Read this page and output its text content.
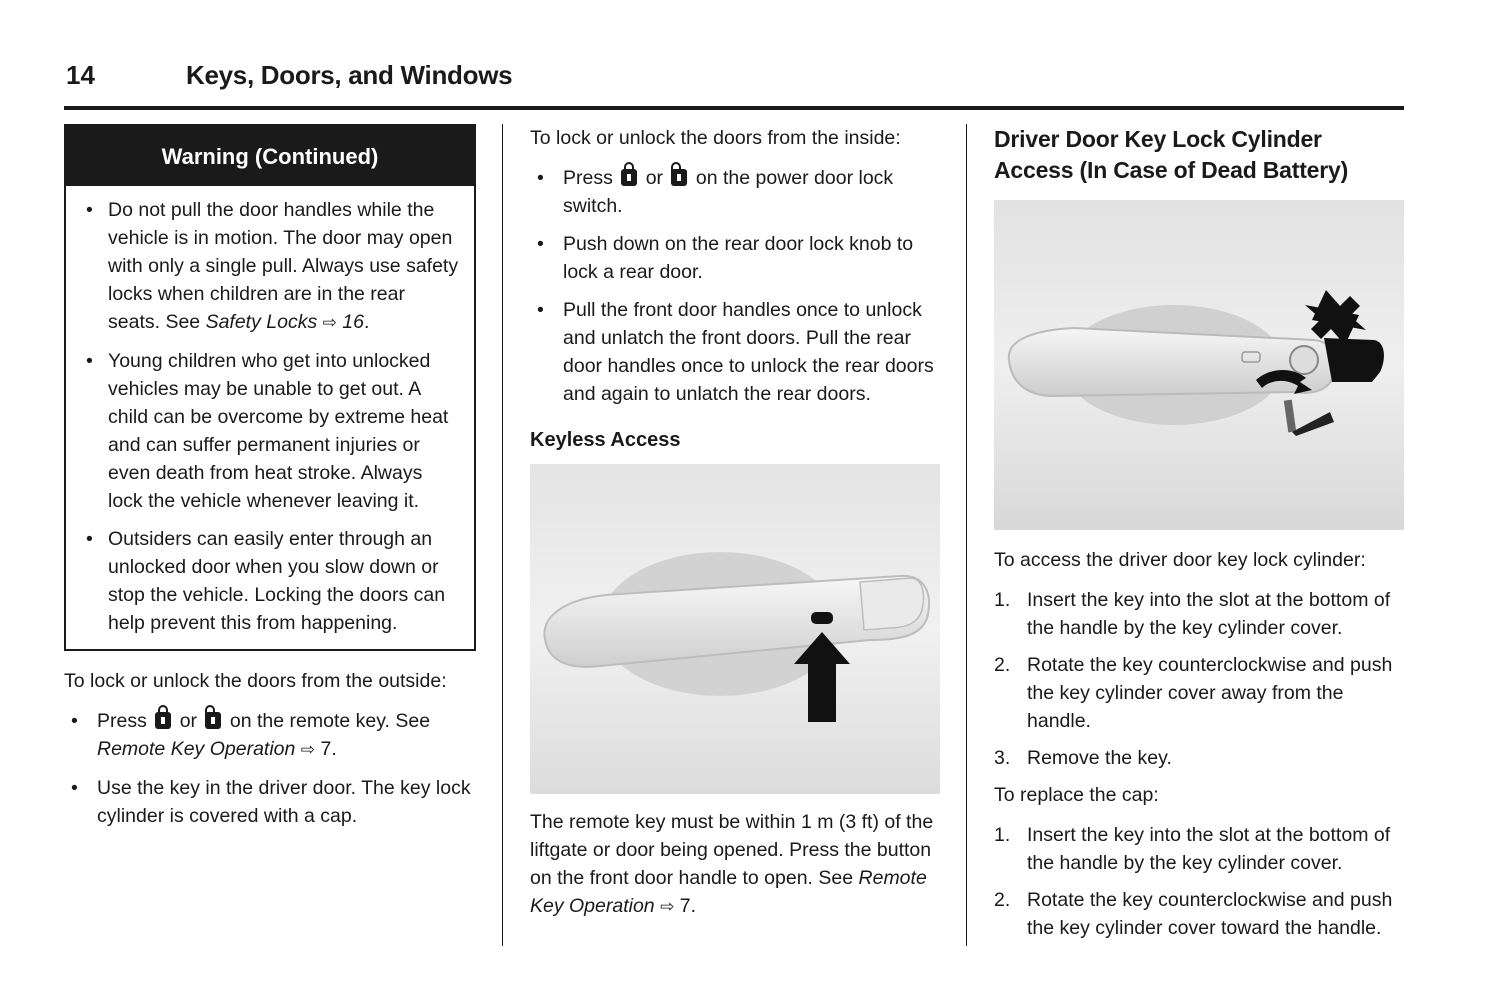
14	Keys, Doors, and Windows
Warning (Continued)
• Do not pull the door handles while the vehicle is in motion. The door may open with only a single pull. Always use safety locks when children are in the rear seats. See Safety Locks ⇨ 16.
• Young children who get into unlocked vehicles may be unable to get out. A child can be overcome by extreme heat and can suffer permanent injuries or even death from heat stroke. Always lock the vehicle whenever leaving it.
• Outsiders can easily enter through an unlocked door when you slow down or stop the vehicle. Locking the doors can help prevent this from happening.

To lock or unlock the doors from the outside:

• Press or on the remote key. See Remote Key Operation ⇨ 7.
• Use the key in the driver door. The key lock cylinder is covered with a cap.

To lock or unlock the doors from the inside:

• Press or on the power door lock switch.
• Push down on the rear door lock knob to lock a rear door.
• Pull the front door handles once to unlock and unlatch the front doors. Pull the rear door handles once to unlock the rear doors and again to unlatch the rear doors.
Keyless Access

The remote key must be within 1 m (3 ft) of the liftgate or door being opened. Press the button on the front door handle to open. See Remote Key Operation ⇨ 7.

Driver Door Key Lock Cylinder Access (In Case of Dead Battery)

To access the driver door key lock cylinder:

1. Insert the key into the slot at the bottom of the handle by the key cylinder cover.
2. Rotate the key counterclockwise and push the key cylinder cover away from the handle.
3. Remove the key.

To replace the cap:

1. Insert the key into the slot at the bottom of the handle by the key cylinder cover.
2. Rotate the key counterclockwise and push the key cylinder cover toward the handle.
